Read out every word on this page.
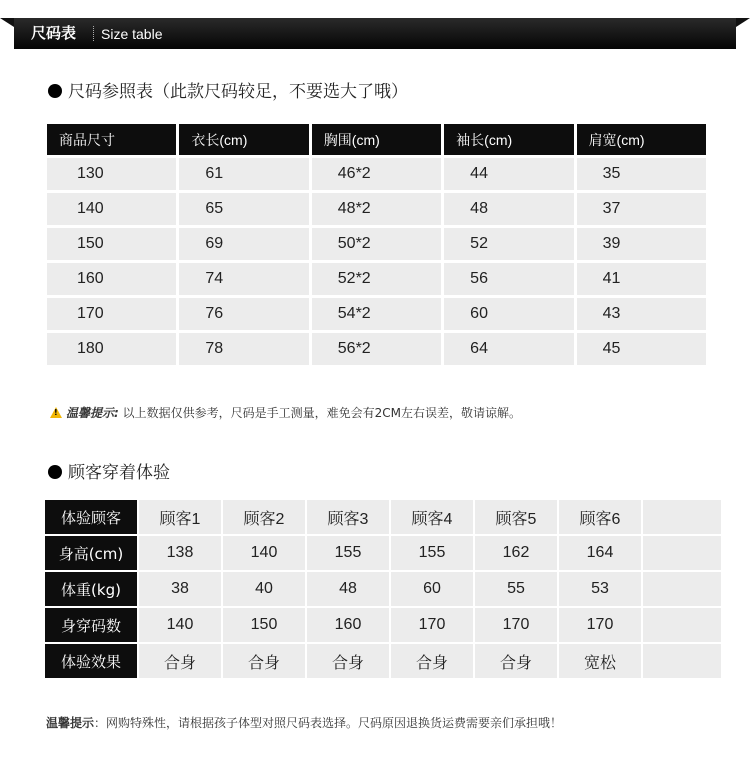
尺码表 Size table
尺码参照表（此款尺码较足，不要选大了哦）
商品尺寸	衣长(cm)	胸围(cm)	袖长(cm)	肩宽(cm)
130	61	46*2	44	35
140	65	48*2	48	37
150	69	50*2	52	39
160	74	52*2	56	41
170	76	54*2	60	43
180	78	56*2	64	45
!温馨提示: 以上数据仅供参考，尺码是手工测量，难免会有2CM左右误差，敬请谅解。
顾客穿着体验
体验顾客	顾客1	顾客2	顾客3	顾客4	顾客5	顾客6	
身高(cm)	138	140	155	155	162	164	
体重(kg)	38	40	48	60	55	53	
身穿码数	140	150	160	170	170	170	
体验效果	合身	合身	合身	合身	合身	宽松	
温馨提示：网购特殊性，请根据孩子体型对照尺码表选择。尺码原因退换货运费需要亲们承担哦！
